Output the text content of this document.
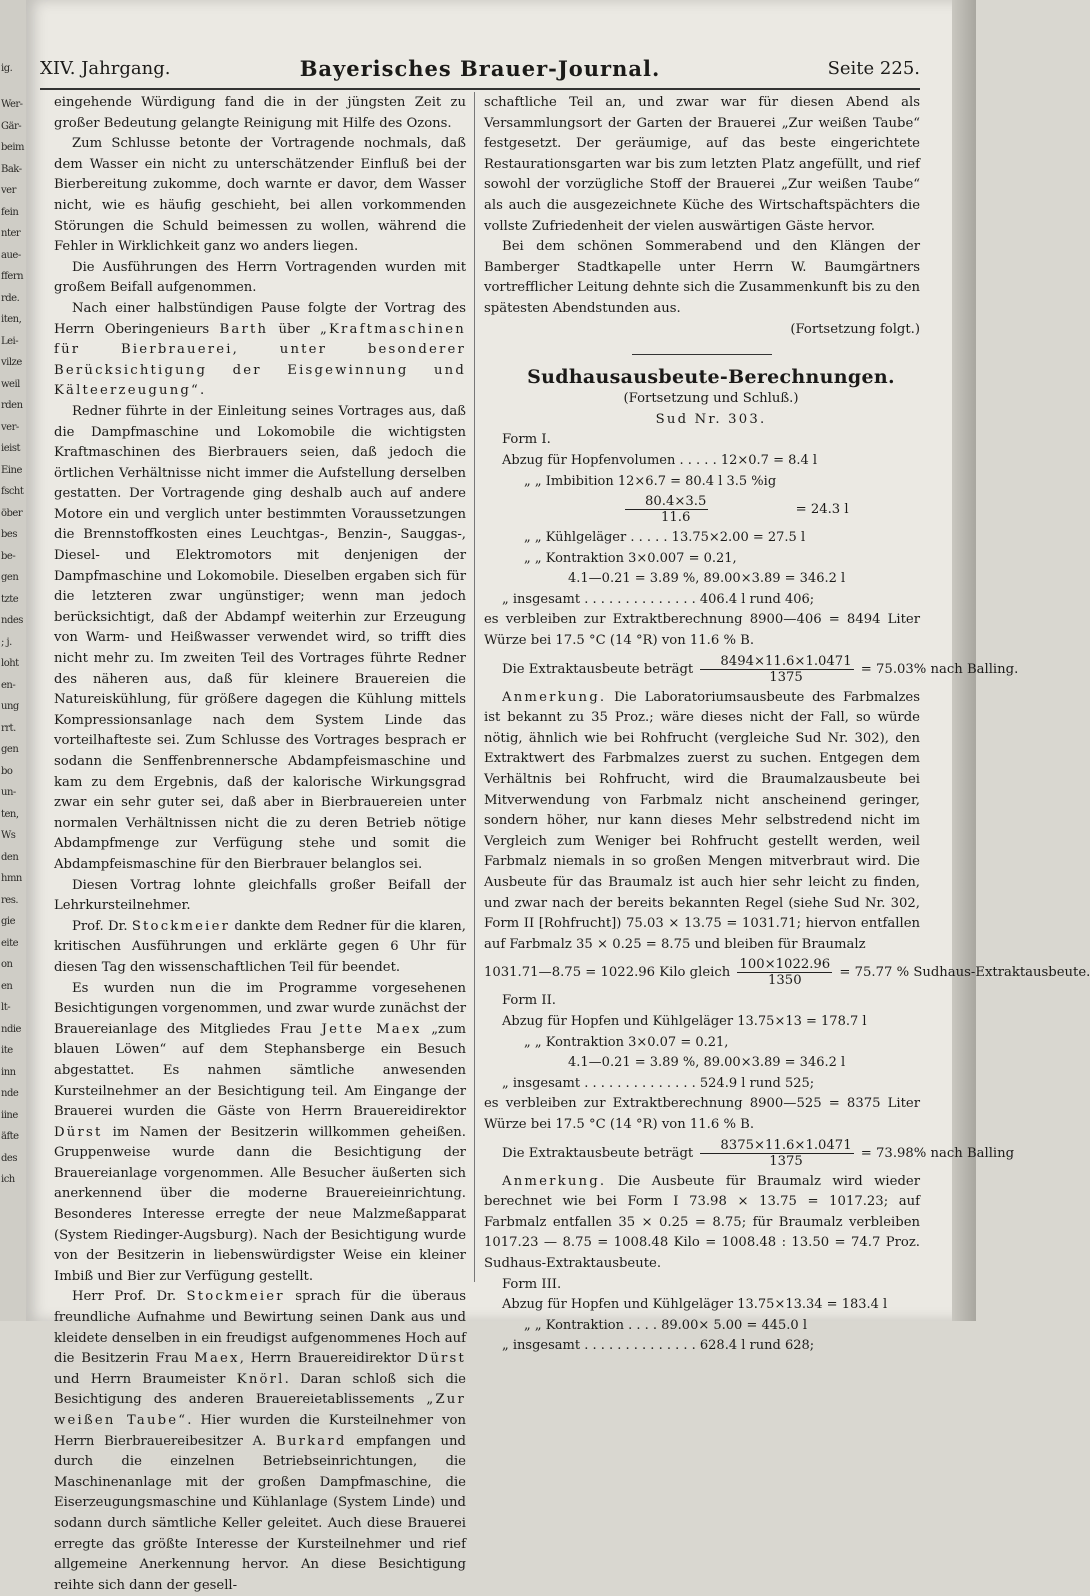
ig.
Wer-
Gär-
beim
Bak-
ver
fein
nter
aue-
ffern
rde.
iten,
Lei-
vilze
weil
rden
ver-
ieist
Eine
fscht
öber
bes
be-
gen
tzte
ndes
; j.
loht
en-
ung
rrt.
gen
bo
un-
ten,
Ws
den
hmn
res.
gie
eite
on
en
lt-
ndie
ite
inn
nde
iine
äfte
des
ich
XIV. Jahrgang.	Bayerisches Brauer-Journal.	Seite 225.

eingehende Würdigung fand die in der jüngsten Zeit zu großer Bedeutung gelangte Reinigung mit Hilfe des Ozons.

Zum Schlusse betonte der Vortragende nochmals, daß dem Wasser ein nicht zu unterschätzender Einfluß bei der Bierbereitung zukomme, doch warnte er davor, dem Wasser nicht, wie es häufig geschieht, bei allen vorkommenden Störungen die Schuld beimessen zu wollen, während die Fehler in Wirklichkeit ganz wo anders liegen.

Die Ausführungen des Herrn Vortragenden wurden mit großem Beifall aufgenommen.

Nach einer halbstündigen Pause folgte der Vortrag des Herrn Oberingenieurs Barth über „Kraftmaschinen für Bierbrauerei, unter besonderer Berücksichtigung der Eisgewinnung und Kälteerzeugung“.

Redner führte in der Einleitung seines Vortrages aus, daß die Dampfmaschine und Lokomobile die wichtigsten Kraftmaschinen des Bierbrauers seien, daß jedoch die örtlichen Verhältnisse nicht immer die Aufstellung derselben gestatten. Der Vortragende ging deshalb auch auf andere Motore ein und verglich unter bestimmten Voraussetzungen die Brennstoffkosten eines Leuchtgas-, Benzin-, Sauggas-, Diesel- und Elektromotors mit denjenigen der Dampfmaschine und Lokomobile. Dieselben ergaben sich für die letzteren zwar ungünstiger; wenn man jedoch berücksichtigt, daß der Abdampf weiterhin zur Erzeugung von Warm- und Heißwasser verwendet wird, so trifft dies nicht mehr zu. Im zweiten Teil des Vortrages führte Redner des näheren aus, daß für kleinere Brauereien die Natureiskühlung, für größere dagegen die Kühlung mittels Kompressionsanlage nach dem System Linde das vorteilhafteste sei. Zum Schlusse des Vortrages besprach er sodann die Senffenbrennersche Abdampfeismaschine und kam zu dem Ergebnis, daß der kalorische Wirkungsgrad zwar ein sehr guter sei, daß aber in Bierbrauereien unter normalen Verhältnissen nicht die zu deren Betrieb nötige Abdampfmenge zur Verfügung stehe und somit die Abdampfeismaschine für den Bierbrauer belanglos sei.

Diesen Vortrag lohnte gleichfalls großer Beifall der Lehrkursteilnehmer.

Prof. Dr. Stockmeier dankte dem Redner für die klaren, kritischen Ausführungen und erklärte gegen 6 Uhr für diesen Tag den wissenschaftlichen Teil für beendet.

Es wurden nun die im Programme vorgesehenen Besichtigungen vorgenommen, und zwar wurde zunächst der Brauereianlage des Mitgliedes Frau Jette Maex „zum blauen Löwen“ auf dem Stephansberge ein Besuch abgestattet. Es nahmen sämtliche anwesenden Kursteilnehmer an der Besichtigung teil. Am Eingange der Brauerei wurden die Gäste von Herrn Brauereidirektor Dürst im Namen der Besitzerin willkommen geheißen. Gruppenweise wurde dann die Besichtigung der Brauereianlage vorgenommen. Alle Besucher äußerten sich anerkennend über die moderne Brauereieinrichtung. Besonderes Interesse erregte der neue Malzmeßapparat (System Riedinger-Augsburg). Nach der Besichtigung wurde von der Besitzerin in liebenswürdigster Weise ein kleiner Imbiß und Bier zur Verfügung gestellt.

Herr Prof. Dr. Stockmeier sprach für die überaus freundliche Aufnahme und Bewirtung seinen Dank aus und kleidete denselben in ein freudigst aufgenommenes Hoch auf die Besitzerin Frau Maex, Herrn Brauereidirektor Dürst und Herrn Braumeister Knörl. Daran schloß sich die Besichtigung des anderen Brauereietablissements „Zur weißen Taube“. Hier wurden die Kursteilnehmer von Herrn Bierbrauereibesitzer A. Burkard empfangen und durch die einzelnen Betriebseinrichtungen, die Maschinenanlage mit der großen Dampfmaschine, die Eiserzeugungsmaschine und Kühlanlage (System Linde) und sodann durch sämtliche Keller geleitet. Auch diese Brauerei erregte das größte Interesse der Kursteilnehmer und rief allgemeine Anerkennung hervor. An diese Besichtigung reihte sich dann der gesell-

schaftliche Teil an, und zwar war für diesen Abend als Versammlungsort der Garten der Brauerei „Zur weißen Taube“ festgesetzt. Der geräumige, auf das beste eingerichtete Restaurationsgarten war bis zum letzten Platz angefüllt, und rief sowohl der vorzügliche Stoff der Brauerei „Zur weißen Taube“ als auch die ausgezeichnete Küche des Wirtschaftspächters die vollste Zufriedenheit der vielen auswärtigen Gäste hervor.

Bei dem schönen Sommerabend und den Klängen der Bamberger Stadtkapelle unter Herrn W. Baumgärtners vortrefflicher Leitung dehnte sich die Zusammenkunft bis zu den spätesten Abendstunden aus.

(Fortsetzung folgt.)

Sudhausausbeute-Berechnungen.

(Fortsetzung und Schluß.)

Sud Nr. 303.

Form I.

Abzug für Hopfenvolumen . . . . . 12×0.7 = 8.4 l

„ „ Imbibition 12×6.7 = 80.4 l 3.5 %ig

$\frac{80.4\times 3.5}{11.6}$	= 24.3 l

„ „ Kühlgeläger . . . . . 13.75×2.00 = 27.5 l

„ „ Kontraktion 3×0.007 = 0.21,

4.1—0.21 = 3.89 %, 89.00×3.89 = 346.2 l

„ insgesamt . . . . . . . . . . . . . . 406.4 l rund 406;

es verbleiben zur Extraktberechnung 8900—406 = 8494 Liter Würze bei 17.5 °C (14 °R) von 11.6 % B.

Die Extraktausbeute beträgt $\frac{8494\times 11.6\times 1.0471}{1375} = 75.03\%$ nach Balling.

Anmerkung. Die Laboratoriumsausbeute des Farbmalzes ist bekannt zu 35 Proz.; wäre dieses nicht der Fall, so würde nötig, ähnlich wie bei Rohfrucht (vergleiche Sud Nr. 302), den Extraktwert des Farbmalzes zuerst zu suchen. Entgegen dem Verhältnis bei Rohfrucht, wird die Braumalzausbeute bei Mitverwendung von Farbmalz nicht anscheinend geringer, sondern höher, nur kann dieses Mehr selbstredend nicht im Vergleich zum Weniger bei Rohfrucht gestellt werden, weil Farbmalz niemals in so großen Mengen mitverbraut wird. Die Ausbeute für das Braumalz ist auch hier sehr leicht zu finden, und zwar nach der bereits bekannten Regel (siehe Sud Nr. 302, Form II [Rohfrucht]) 75.03 × 13.75 = 1031.71; hiervon entfallen auf Farbmalz 35 × 0.25 = 8.75 und bleiben für Braumalz

1031.71—8.75 = 1022.96 Kilo gleich $\frac{100\times 1022.96}{1350} = 75.77$ % Sudhaus-Extraktausbeute.

Form II.

Abzug für Hopfen und Kühlgeläger 13.75×13 = 178.7 l

„ „ Kontraktion 3×0.07 = 0.21,

4.1—0.21 = 3.89 %, 89.00×3.89 = 346.2 l

„ insgesamt . . . . . . . . . . . . . . 524.9 l rund 525;

es verbleiben zur Extraktberechnung 8900—525 = 8375 Liter Würze bei 17.5 °C (14 °R) von 11.6 % B.

Die Extraktausbeute beträgt $\frac{8375\times 11.6\times 1.0471}{1375} = 73.98\%$ nach Balling

Anmerkung. Die Ausbeute für Braumalz wird wieder berechnet wie bei Form I 73.98 × 13.75 = 1017.23; auf Farbmalz entfallen 35 × 0.25 = 8.75; für Braumalz verbleiben 1017.23 — 8.75 = 1008.48 Kilo = 1008.48 : 13.50 = 74.7 Proz. Sudhaus-Extraktausbeute.

Form III.

Abzug für Hopfen und Kühlgeläger 13.75×13.34 = 183.4 l

„ „ Kontraktion . . . . 89.00× 5.00 = 445.0 l

„ insgesamt . . . . . . . . . . . . . . 628.4 l rund 628;
